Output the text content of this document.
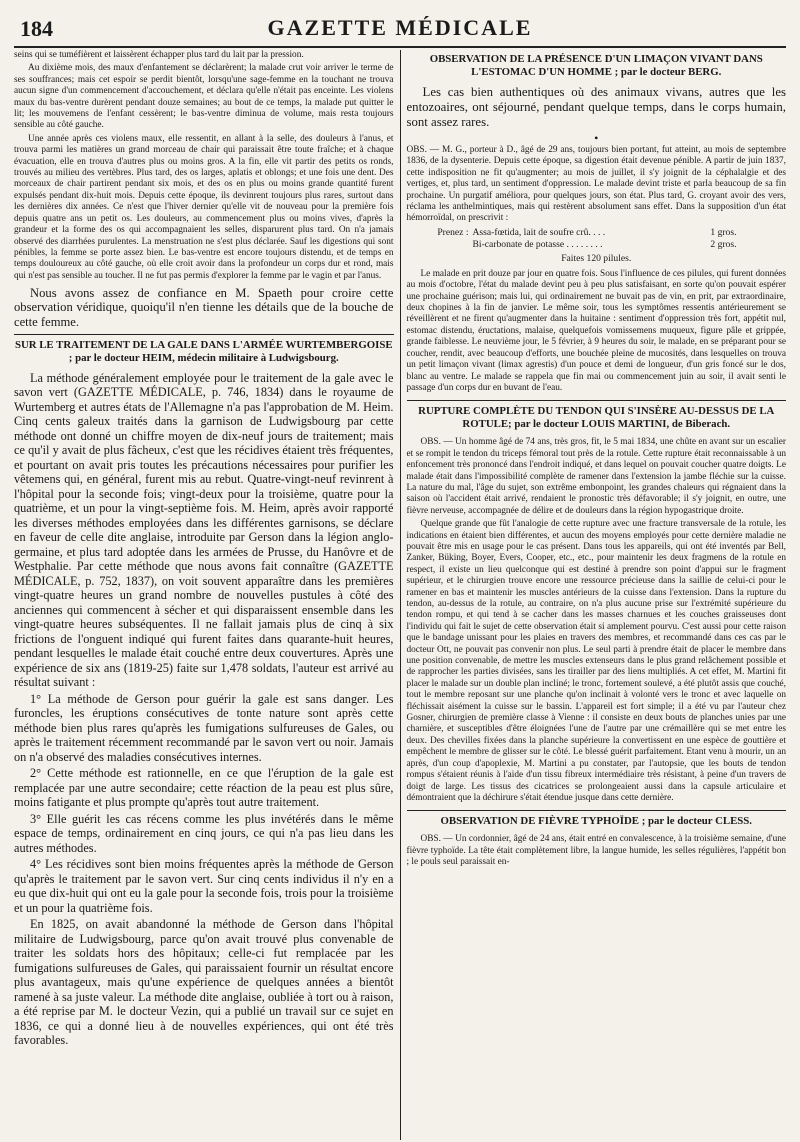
184	GAZETTE MÉDICALE

seins qui se tuméfièrent et laissèrent échapper plus tard du lait par la pression.

Au dixième mois, des maux d'enfantement se déclarèrent; la malade crut voir arriver le terme de ses souffrances; mais cet espoir se perdit bientôt, lorsqu'une sage-femme en la touchant ne trouva aucun signe d'un commencement d'accouchement, et déclara qu'elle n'était pas enceinte. Les violens maux du bas-ventre durèrent pendant douze semaines; au bout de ce temps, la malade put quitter le lit; les mouvemens de l'enfant cessèrent; le bas-ventre diminua de volume, mais resta toujours sensible au côté gauche.

Une année après ces violens maux, elle ressentit, en allant à la selle, des douleurs à l'anus, et trouva parmi les matières un grand morceau de chair qui paraissait être toute fraîche; et à chaque évacuation, elle en trouva d'autres plus ou moins gros. A la fin, elle vit partir des petits os ronds, trouvés au milieu des vertèbres. Plus tard, des os larges, aplatis et oblongs; et une fois une dent. Des morceaux de chair partirent pendant six mois, et des os en plus ou moins grande quantité furent expulsés pendant dix-huit mois. Depuis cette époque, ils devinrent toujours plus rares, surtout dans les dernières dix années. Ce n'est que l'hiver dernier qu'elle vit de nouveau pour la première fois depuis quatre ans un petit os. Les douleurs, au commencement plus ou moins vives, d'après la grandeur et la forme des os qui accompagnaient les selles, disparurent plus tard. On n'a jamais observé des diarrhées purulentes. La menstruation ne s'est plus déclarée. Sauf les digestions qui sont pénibles, la femme se porte assez bien. Le bas-ventre est encore toujours distendu, et de temps en temps douloureux au côté gauche, où elle croit avoir dans la profondeur un corps dur et rond, mais qui n'est pas sensible au toucher. Il ne fut pas permis d'explorer la femme par le vagin et par l'anus.

Nous avons assez de confiance en M. Spaeth pour croire cette observation véridique, quoiqu'il n'en tienne les détails que de la bouche de cette femme.

SUR LE TRAITEMENT DE LA GALE DANS L'ARMÉE WURTEMBERGOISE ; par le docteur HEIM, médecin militaire à Ludwigsbourg.

La méthode généralement employée pour le traitement de la gale avec le savon vert (GAZETTE MÉDICALE, p. 746, 1834) dans le royaume de Wurtemberg et autres états de l'Allemagne n'a pas l'approbation de M. Heim. Cinq cents galeux traités dans la garnison de Ludwigsbourg par cette méthode ont donné un chiffre moyen de dix-neuf jours de traitement; mais ce qu'il y avait de plus fâcheux, c'est que les récidives étaient très fréquentes, et pourtant on avait pris toutes les précautions nécessaires pour purifier les vêtemens qui, en général, furent mis au rebut. Quatre-vingt-neuf revinrent à l'hôpital pour la seconde fois; vingt-deux pour la troisième, quatre pour la quatrième, et un pour la vingt-septième fois. M. Heim, après avoir rapporté les diverses méthodes employées dans les différentes garnisons, se déclare en faveur de celle dite anglaise, introduite par Gerson dans la légion anglo-germaine, et plus tard adoptée dans les armées de Prusse, du Hanôvre et de Westphalie. Par cette méthode que nous avons fait connaître (GAZETTE MÉDICALE, p. 752, 1837), on voit souvent apparaître dans les premières vingt-quatre heures un grand nombre de nouvelles pustules à côté des anciennes qui commencent à sécher et qui disparaissent ensemble dans les vingt-quatre heures subséquentes. Il ne fallait jamais plus de cinq à six frictions de l'onguent indiqué qui furent faites dans quarante-huit heures, pendant lesquelles le malade était couché entre deux couvertures. Après une expérience de six ans (1819-25) faite sur 1,478 soldats, l'auteur est arrivé au résultat suivant :

1° La méthode de Gerson pour guérir la gale est sans danger. Les furoncles, les éruptions consécutives de tonte nature sont après cette méthode bien plus rares qu'après les fumigations sulfureuses de Gales, ou après le traitement récemment recommandé par le savon vert ou noir. Jamais on n'a observé des maladies consécutives internes.

2° Cette méthode est rationnelle, en ce que l'éruption de la gale est remplacée par une autre secondaire; cette réaction de la peau est plus sûre, moins fatigante et plus prompte qu'après tout autre traitement.

3° Elle guérit les cas récens comme les plus invétérés dans le même espace de temps, ordinairement en cinq jours, ce qui n'a pas lieu dans les autres méthodes.

4° Les récidives sont bien moins fréquentes après la méthode de Gerson qu'après le traitement par le savon vert. Sur cinq cents individus il n'y en a eu que dix-huit qui ont eu la gale pour la seconde fois, trois pour la troisième et un pour la quatrième fois.

En 1825, on avait abandonné la méthode de Gerson dans l'hôpital militaire de Ludwigsbourg, parce qu'on avait trouvé plus convenable de traiter les soldats hors des hôpitaux; celle-ci fut remplacée par les fumigations sulfureuses de Gales, qui paraissaient fournir un résultat encore plus avantageux, mais qu'une expérience de quelques années a bientôt ramené à sa juste valeur. La méthode dite anglaise, oubliée à tort ou à raison, a été reprise par M. le docteur Vezin, qui a publié un travail sur ce sujet en 1836, ce qui a donné lieu à de nouvelles expériences, qui ont été très favorables.

OBSERVATION DE LA PRÉSENCE D'UN LIMAÇON VIVANT DANS L'ESTOMAC D'UN HOMME ; par le docteur BERG.

Les cas bien authentiques où des animaux vivans, autres que les entozoaires, ont séjourné, pendant quelque temps, dans le corps humain, sont assez rares.

•

OBS. — M. G., porteur à D., âgé de 29 ans, toujours bien portant, fut atteint, au mois de septembre 1836, de la dysenterie. Depuis cette époque, sa digestion était devenue pénible. A partir de juin 1837, cette indisposition ne fit qu'augmenter; au mois de juillet, il s'y joignit de la céphalalgie et des vertiges, et, plus tard, un sentiment d'oppression. Le malade devint triste et parla beaucoup de sa fin prochaine. Un purgatif améliora, pour quelques jours, son état. Plus tard, G. croyant avoir des vers, réclama les anthelmintiques, mais qui restèrent absolument sans effet. Dans la supposition d'un état hémorroïdal, on prescrivit :

Prenez : Assa-fœtida, lait de soufre crû. . . .	1 gros.
Bi-carbonate de potasse . . . . . . . .	2 gros.
Faites 120 pilules.

Le malade en prit douze par jour en quatre fois. Sous l'influence de ces pilules, qui furent données au mois d'octobre, l'état du malade devint peu à peu plus satisfaisant, en sorte qu'on pouvait espérer une prochaine guérison; mais lui, qui ordinairement ne buvait pas de vin, en prit, par extraordinaire, deux chopines à la fin de janvier. Le même soir, tous les symptômes ressentis antérieurement se réveillèrent et ne firent qu'augmenter dans la huitaine : sentiment d'oppression très fort, appétit nul, estomac distendu, éructations, malaise, quelquefois vomissemens muqueux, figure pâle et grippée, grande faiblesse. Le neuvième jour, le 5 février, à 9 heures du soir, le malade, en se préparant pour se coucher, rendit, avec beaucoup d'efforts, une bouchée pleine de mucosités, dans lesquelles on trouva un petit limaçon vivant (limax agrestis) d'un pouce et demi de longueur, d'un gris foncé sur le dos, blanc au ventre. Le malade se rappela que fin mai ou commencement juin au soir, il avait senti le passage d'un corps dur en buvant de l'eau.

RUPTURE COMPLÈTE DU TENDON QUI S'INSÈRE AU-DESSUS DE LA ROTULE; par le docteur LOUIS MARTINI, de Biberach.

OBS. — Un homme âgé de 74 ans, très gros, fit, le 5 mai 1834, une chûte en avant sur un escalier et se rompit le tendon du triceps fémoral tout près de la rotule. Cette rupture était reconnaissable à un enfoncement très prononcé dans l'endroit indiqué, et dans lequel on pouvait coucher quatre doigts. Le malade était dans l'impossibilité complète de ramener dans l'extension la jambe fléchie sur la cuisse. La nature du mal, l'âge du sujet, son extrême embonpoint, les grandes chaleurs qui régnaient dans la saison où l'accident était arrivé, rendaient le pronostic très défavorable; il s'y joignit, en outre, une fièvre nerveuse, accompagnée de délire et de douleurs dans la région hypogastrique droite.

Quelque grande que fût l'analogie de cette rupture avec une fracture transversale de la rotule, les indications en étaient bien différentes, et aucun des moyens employés pour cette dernière maladie ne pouvait être mis en usage pour le cas présent. Dans tous les appareils, qui ont été inventés par Bell, Zanker, Büking, Boyer, Evers, Cooper, etc., etc., pour maintenir les deux fragmens de la rotule en respect, il existe un lieu quelconque qui est destiné à prendre son point d'appui sur le fragment supérieur, et le chirurgien trouve encore une ressource précieuse dans la saillie de celui-ci pour le ramener en bas et maintenir les muscles antérieurs de la cuisse dans l'extension. Dans la rupture du tendon, au-dessus de la rotule, au contraire, on n'a plus aucune prise sur l'extrémité supérieure du tendon rompu, et qui tend à se cacher dans les masses charnues et les couches graisseuses dont l'individu qui fait le sujet de cette observation était si amplement pourvu. C'est aussi pour cette raison que le bandage unissant pour les plaies en travers des membres, et recommandé dans ces cas par le docteur Ott, ne pouvait pas convenir non plus. Le seul parti à prendre était de placer le membre dans une position convenable, de mettre les muscles extenseurs dans le plus grand relâchement possible et de rapprocher les parties divisées, sans les tirailler par des liens multipliés. A cet effet, M. Martini fit placer le malade sur un double plan incliné; le tronc, fortement soulevé, a été plutôt assis que couché, tout le membre reposant sur une planche qu'on inclinait à volonté vers le tronc et avec laquelle on fléchissait aisément la cuisse sur le bassin. L'appareil est fort simple; il a été vu par l'auteur chez Gosner, chirurgien de première classe à Vienne : il consiste en deux bouts de planches unies par une charnière, et susceptibles d'être éloignées l'une de l'autre par une crémaillère qui se met entre les deux. Des chevilles fixées dans la planche supérieure la convertissent en une espèce de gouttière et empêchent le membre de glisser sur le côté. Le blessé guérit parfaitement. Etant venu à mourir, un an après, d'un coup d'apoplexie, M. Martini a pu constater, par l'autopsie, que les bouts de tendon rompus s'étaient réunis à l'aide d'un tissu fibreux intermédiaire très résistant, à peine d'un travers de doigt de large. Les tissus des cicatrices se prolongeaient aussi dans la capsule articulaire et démontraient que la déchirure s'était étendue jusque dans cette dernière.

OBSERVATION DE FIÈVRE TYPHOÏDE ; par le docteur CLESS.

OBS. — Un cordonnier, âgé de 24 ans, était entré en convalescence, à la troisième semaine, d'une fièvre typhoïde. La tête était complètement libre, la langue humide, les selles régulières, l'appétit bon ; le pouls seul paraissait en-
